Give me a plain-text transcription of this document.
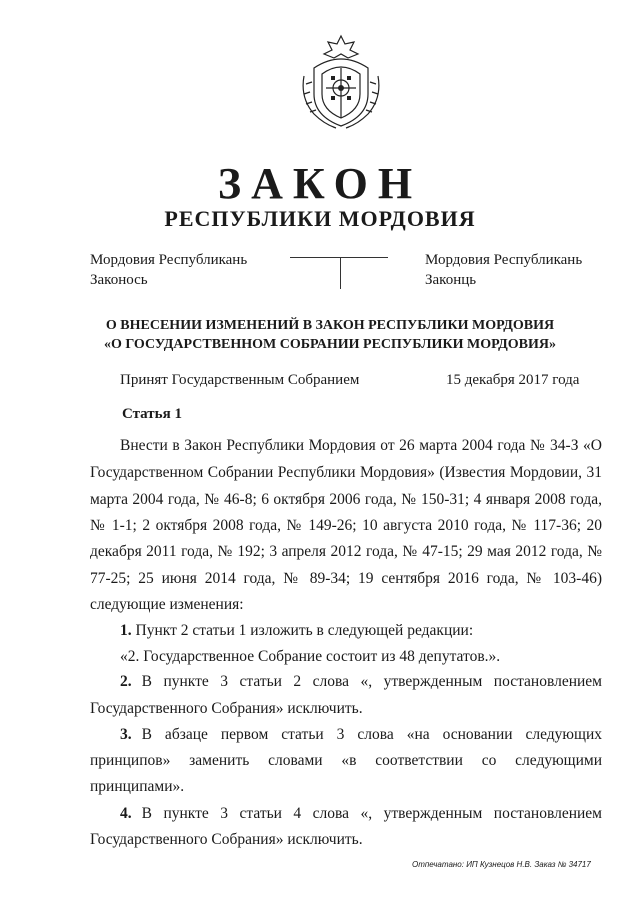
ЗАКОН
РЕСПУБЛИКИ МОРДОВИЯ
Мордовия Республикань
Законось
Мордовия Республикань
Законць
О ВНЕСЕНИИ ИЗМЕНЕНИЙ В ЗАКОН РЕСПУБЛИКИ МОРДОВИЯ
«О ГОСУДАРСТВЕННОМ СОБРАНИИ РЕСПУБЛИКИ МОРДОВИЯ»
Принят Государственным Собранием	15 декабря 2017 года
Статья 1
Внести в Закон Республики Мордовия от 26 марта 2004 года № 34-З «О
Государственном Собрании Республики Мордовия» (Известия Мордовии, 31
марта 2004 года, № 46-8; 6 октября 2006 года, № 150-31; 4 января 2008 года,
№ 1-1; 2 октября 2008 года, № 149-26; 10 августа 2010 года, № 117-36; 20
декабря 2011 года, № 192; 3 апреля 2012 года, № 47-15; 29 мая 2012 года, №
77-25; 25 июня 2014 года, № 89-34; 19 сентября 2016 года, № 103-46)
следующие изменения:
1. Пункт 2 статьи 1 изложить в следующей редакции:
«2. Государственное Собрание состоит из 48 депутатов.».
2. В пункте 3 статьи 2 слова «, утвержденным постановлением
Государственного Собрания» исключить.
3. В абзаце первом статьи 3 слова «на основании следующих
принципов» заменить словами «в соответствии со следующими
принципами».
4. В пункте 3 статьи 4 слова «, утвержденным постановлением
Государственного Собрания» исключить.
Отпечатано: ИП Кузнецов Н.В. Заказ № 34717
